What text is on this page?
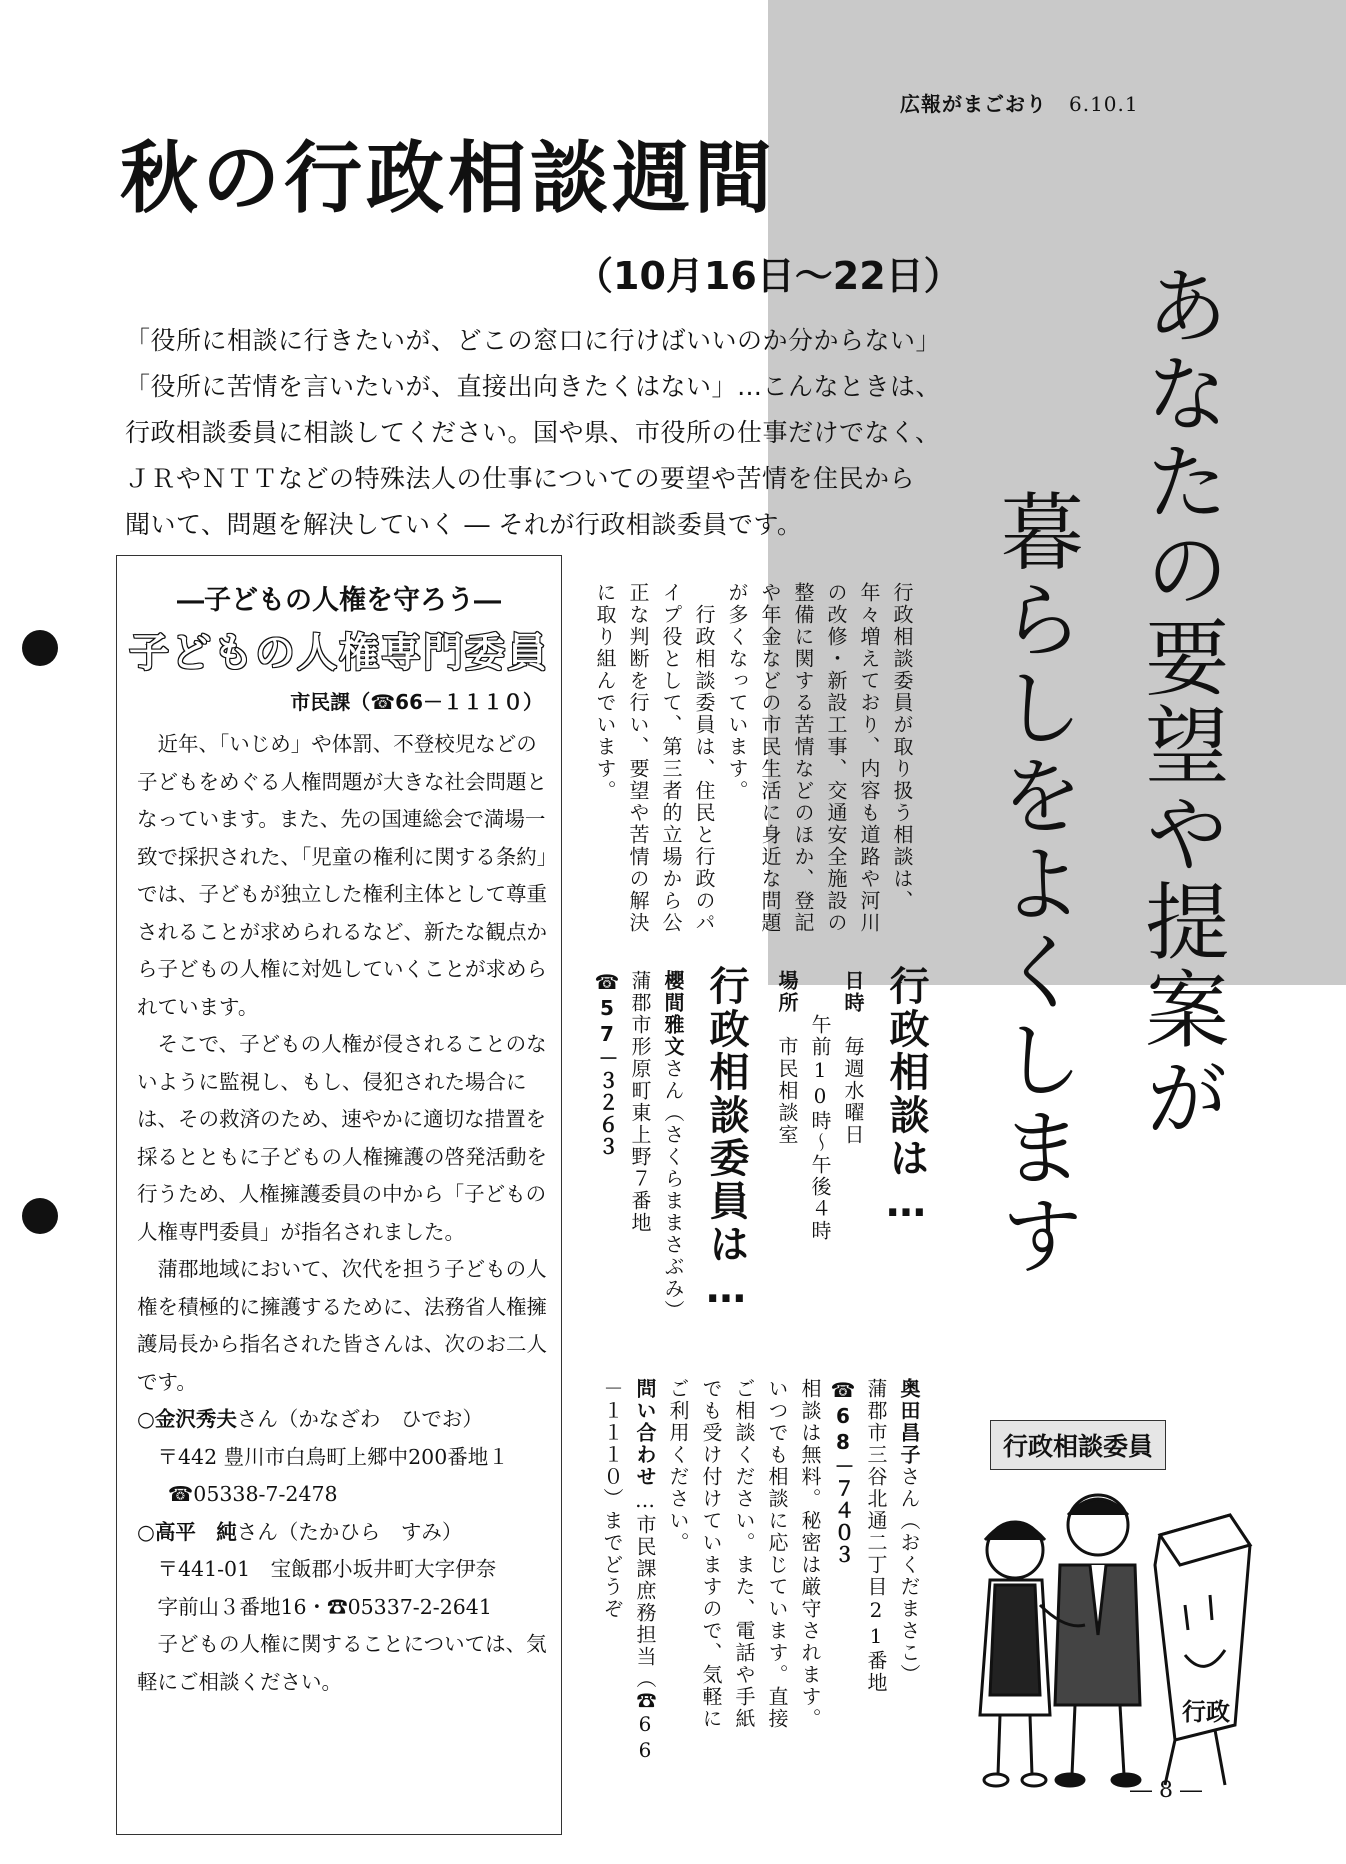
広報がまごおり 6.10.1
秋の行政相談週間
（10月16日～22日）

「役所に相談に行きたいが、どこの窓口に行けばいいのか分からない」

「役所に苦情を言いたいが、直接出向きたくはない」…こんなときは、

行政相談委員に相談してください。国や県、市役所の仕事だけでなく、

ＪＲやＮＴＴなどの特殊法人の仕事についての要望や苦情を住民から

聞いて、問題を解決していく ― それが行政相談委員です。	あなたの要望や提案が
暮らしをよくします
―子どもの人権を守ろう―
子どもの人権専門委員
市民課（☎66－１１１０）

近年、「いじめ」や体罰、不登校児などの子どもをめぐる人権問題が大きな社会問題となっています。また、先の国連総会で満場一致で採択された、「児童の権利に関する条約」では、子どもが独立した権利主体として尊重されることが求められるなど、新たな観点から子どもの人権に対処していくことが求められています。

そこで、子どもの人権が侵されることのないように監視し、もし、侵犯された場合には、その救済のため、速やかに適切な措置を採るとともに子どもの人権擁護の啓発活動を行うため、人権擁護委員の中から「子どもの人権専門委員」が指名されました。

蒲郡地域において、次代を担う子どもの人権を積極的に擁護するために、法務省人権擁護局長から指名された皆さんは、次のお二人です。

○金沢秀夫さん（かなざわ　ひでお）

〒442 豊川市白鳥町上郷中200番地１

☎05338-7-2478

○高平　純さん（たかひら　すみ）

〒441-01　宝飯郡小坂井町大字伊奈

字前山３番地16・☎05337-2-2641

子どもの人権に関することについては、気軽にご相談ください。

行政相談委員が取り扱う相談は、

年々増えており、内容も道路や河川

の改修・新設工事、交通安全施設の

整備に関する苦情などのほか、登記

や年金などの市民生活に身近な問題

が多くなっています。

　行政相談委員は、住民と行政のパ

イプ役として、第三者的立場から公

正な判断を行い、要望や苦情の解決

に取り組んでいます。

行政相談は…

日時　毎週水曜日

　　午前10時～午後４時

場所　市民相談室

行政相談委員は…

櫻間雅文さん（さくらままさぶみ）

蒲郡市形原町東上野７番地

☎57－３２６３

奥田昌子さん（おくだまさこ）

蒲郡市三谷北通二丁目21番地

☎68－７４０３

相談は無料。秘密は厳守されます。

いつでも相談に応じています。直接

ご相談ください。また、電話や手紙

でも受け付けていますので、気軽に

ご利用ください。

問い合わせ…市民課庶務担当（☎66

－１１１０）までどうぞ	行政相談委員
行政
― 8 ―
